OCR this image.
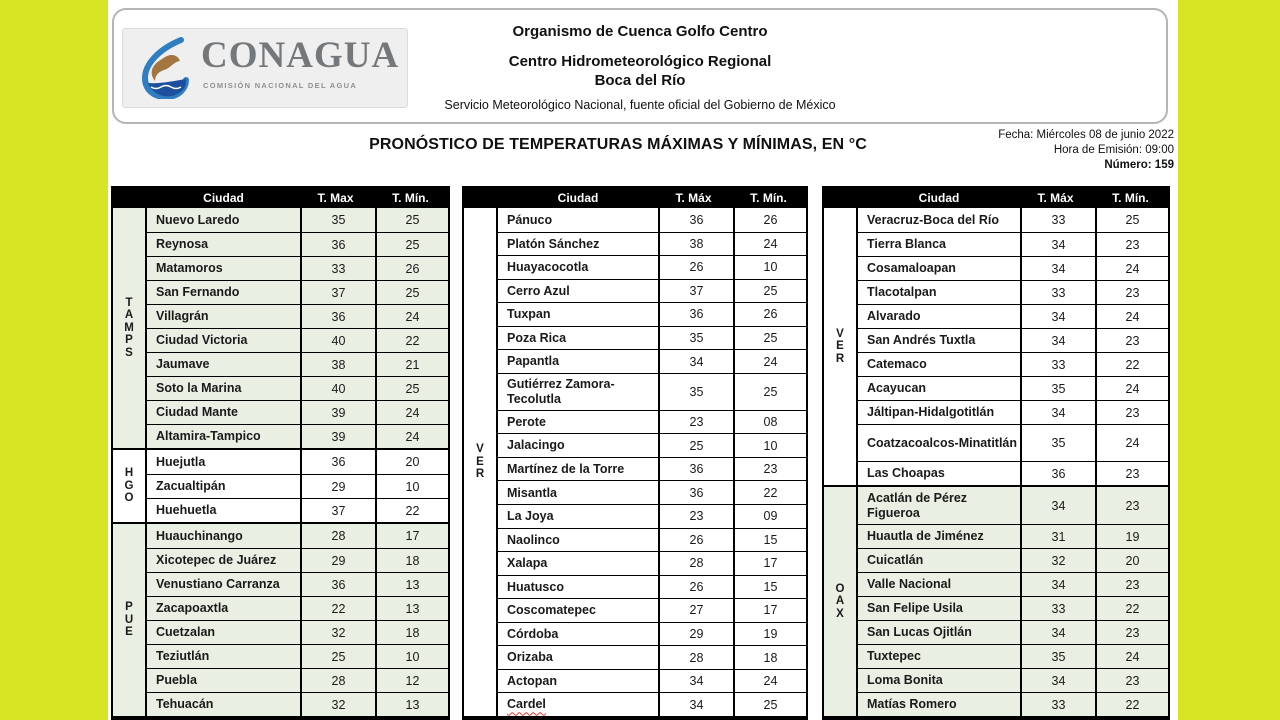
Organismo de Cuenca Golfo Centro
Centro Hidrometeorológico Regional
Boca del Río
Servicio Meteorológico Nacional, fuente oficial del Gobierno de México
CONAGUA
COMISIÓN NACIONAL DEL AGUA
PRONÓSTICO DE TEMPERATURAS MÁXIMAS Y MÍNIMAS, EN °C
Fecha: Miércoles 08 de junio 2022
Hora de Emisión: 09:00
Número: 159
Ciudad	T. Max	T. Mín.
T
A
M
P
S
Nuevo Laredo	35	25
Reynosa	36	25
Matamoros	33	26
San Fernando	37	25
Villagrán	36	24
Ciudad Victoria	40	22
Jaumave	38	21
Soto la Marina	40	25
Ciudad Mante	39	24
Altamira-Tampico	39	24
H
G
O
Huejutla	36	20
Zacualtipán	29	10
Huehuetla	37	22
P
U
E
Huauchinango	28	17
Xicotepec de Juárez	29	18
Venustiano Carranza	36	13
Zacapoaxtla	22	13
Cuetzalan	32	18
Teziutlán	25	10
Puebla	28	12
Tehuacán	32	13
Ciudad	T. Máx	T. Mín.
V
E
R
Pánuco	36	26
Platón Sánchez	38	24
Huayacocotla	26	10
Cerro Azul	37	25
Tuxpan	36	26
Poza Rica	35	25
Papantla	34	24
Gutiérrez Zamora-Tecolutla	35	25
Perote	23	08
Jalacingo	25	10
Martínez de la Torre	36	23
Misantla	36	22
La Joya	23	09
Naolinco	26	15
Xalapa	28	17
Huatusco	26	15
Coscomatepec	27	17
Córdoba	29	19
Orizaba	28	18
Actopan	34	24
Cardel	34	25
Ciudad	T. Máx	T. Mín.
V
E
R
Veracruz-Boca del Río	33	25
Tierra Blanca	34	23
Cosamaloapan	34	24
Tlacotalpan	33	23
Alvarado	34	24
San Andrés Tuxtla	34	23
Catemaco	33	22
Acayucan	35	24
Jáltipan-Hidalgotitlán	34	23
Coatzacoalcos-Minatitlán	35	24
Las Choapas	36	23
O
A
X
Acatlán de Pérez Figueroa	34	23
Huautla de Jiménez	31	19
Cuicatlán	32	20
Valle Nacional	34	23
San Felipe Usila	33	22
San Lucas Ojitlán	34	23
Tuxtepec	35	24
Loma Bonita	34	23
Matías Romero	33	22
